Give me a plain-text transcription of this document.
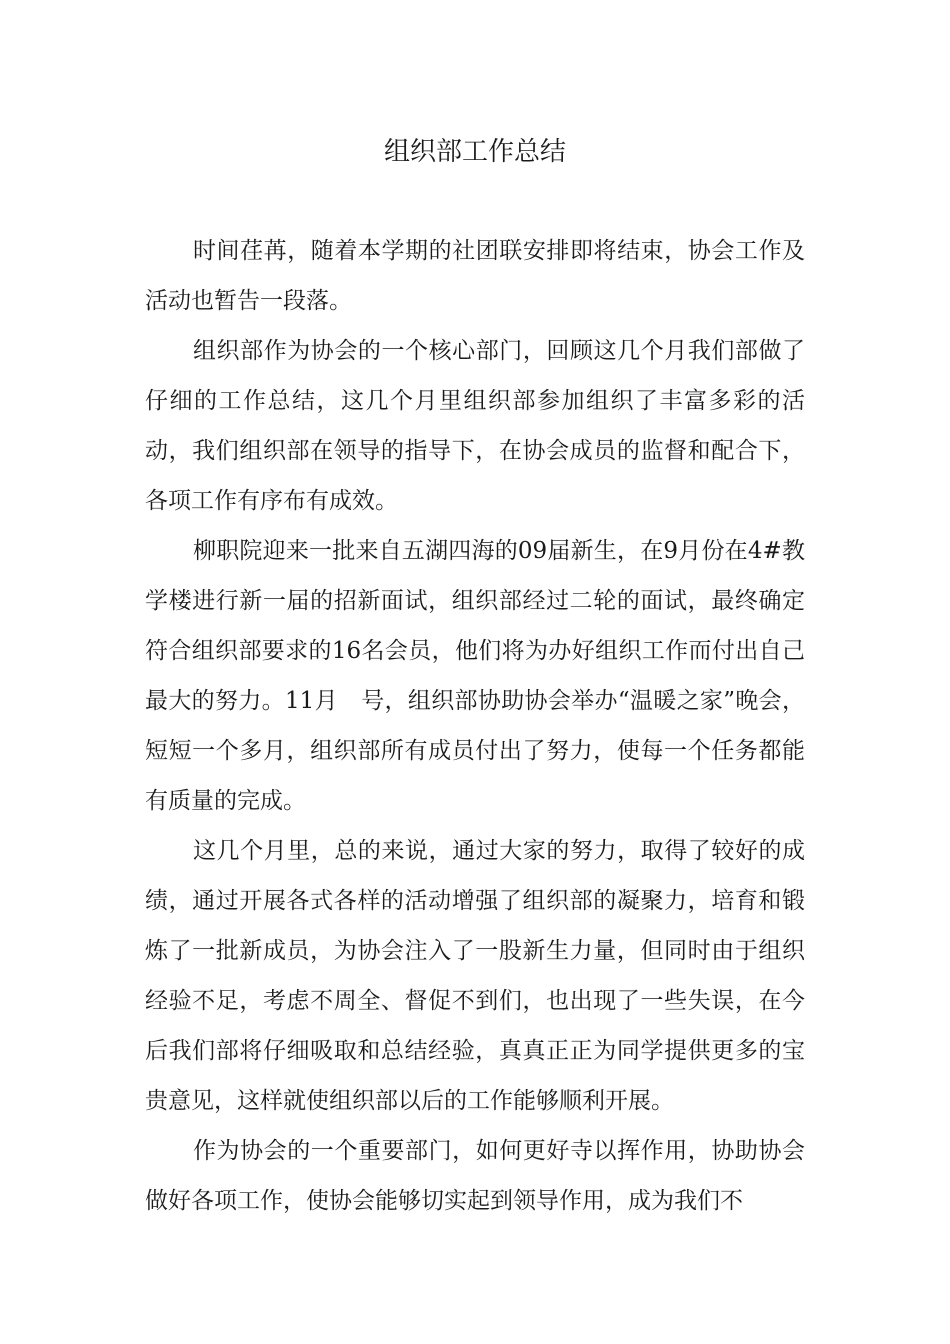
组织部工作总结

时间荏苒，随着本学期的社团联安排即将结束，协会工作及活动也暂告一段落。

组织部作为协会的一个核心部门，回顾这几个月我们部做了仔细的工作总结，这几个月里组织部参加组织了丰富多彩的活动，我们组织部在领导的指导下，在协会成员的监督和配合下，各项工作有序布有成效。

柳职院迎来一批来自五湖四海的09届新生，在9月份在4#教学楼进行新一届的招新面试，组织部经过二轮的面试，最终确定符合组织部要求的16名会员，他们将为办好组织工作而付出自己最大的努力。11月　号，组织部协助协会举办“温暖之家”晚会，短短一个多月，组织部所有成员付出了努力，使每一个任务都能有质量的完成。

这几个月里，总的来说，通过大家的努力，取得了较好的成绩，通过开展各式各样的活动增强了组织部的凝聚力，培育和锻炼了一批新成员，为协会注入了一股新生力量，但同时由于组织经验不足，考虑不周全、督促不到们，也出现了一些失误，在今后我们部将仔细吸取和总结经验，真真正正为同学提供更多的宝贵意见，这样就使组织部以后的工作能够顺利开展。

作为协会的一个重要部门，如何更好寺以挥作用，协助协会做好各项工作，使协会能够切实起到领导作用，成为我们不
